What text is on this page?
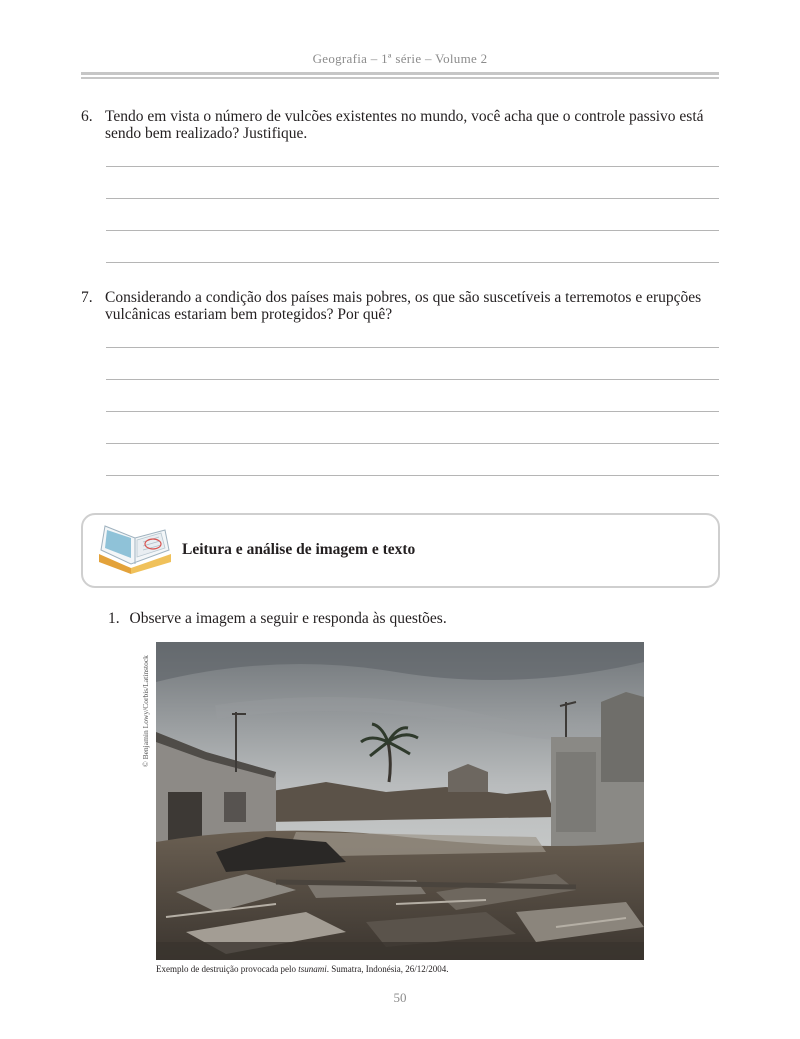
Geografia – 1ª série – Volume 2
6. Tendo em vista o número de vulcões existentes no mundo, você acha que o controle passivo está sendo bem realizado? Justifique.
7. Considerando a condição dos países mais pobres, os que são suscetíveis a terremotos e erupções vulcânicas estariam bem protegidos? Por quê?
Leitura e análise de imagem e texto
1. Observe a imagem a seguir e responda às questões.
© Benjamin Lowy/Corbis/Latinstock
Exemplo de destruição provocada pelo tsunami. Sumatra, Indonésia, 26/12/2004.
50
